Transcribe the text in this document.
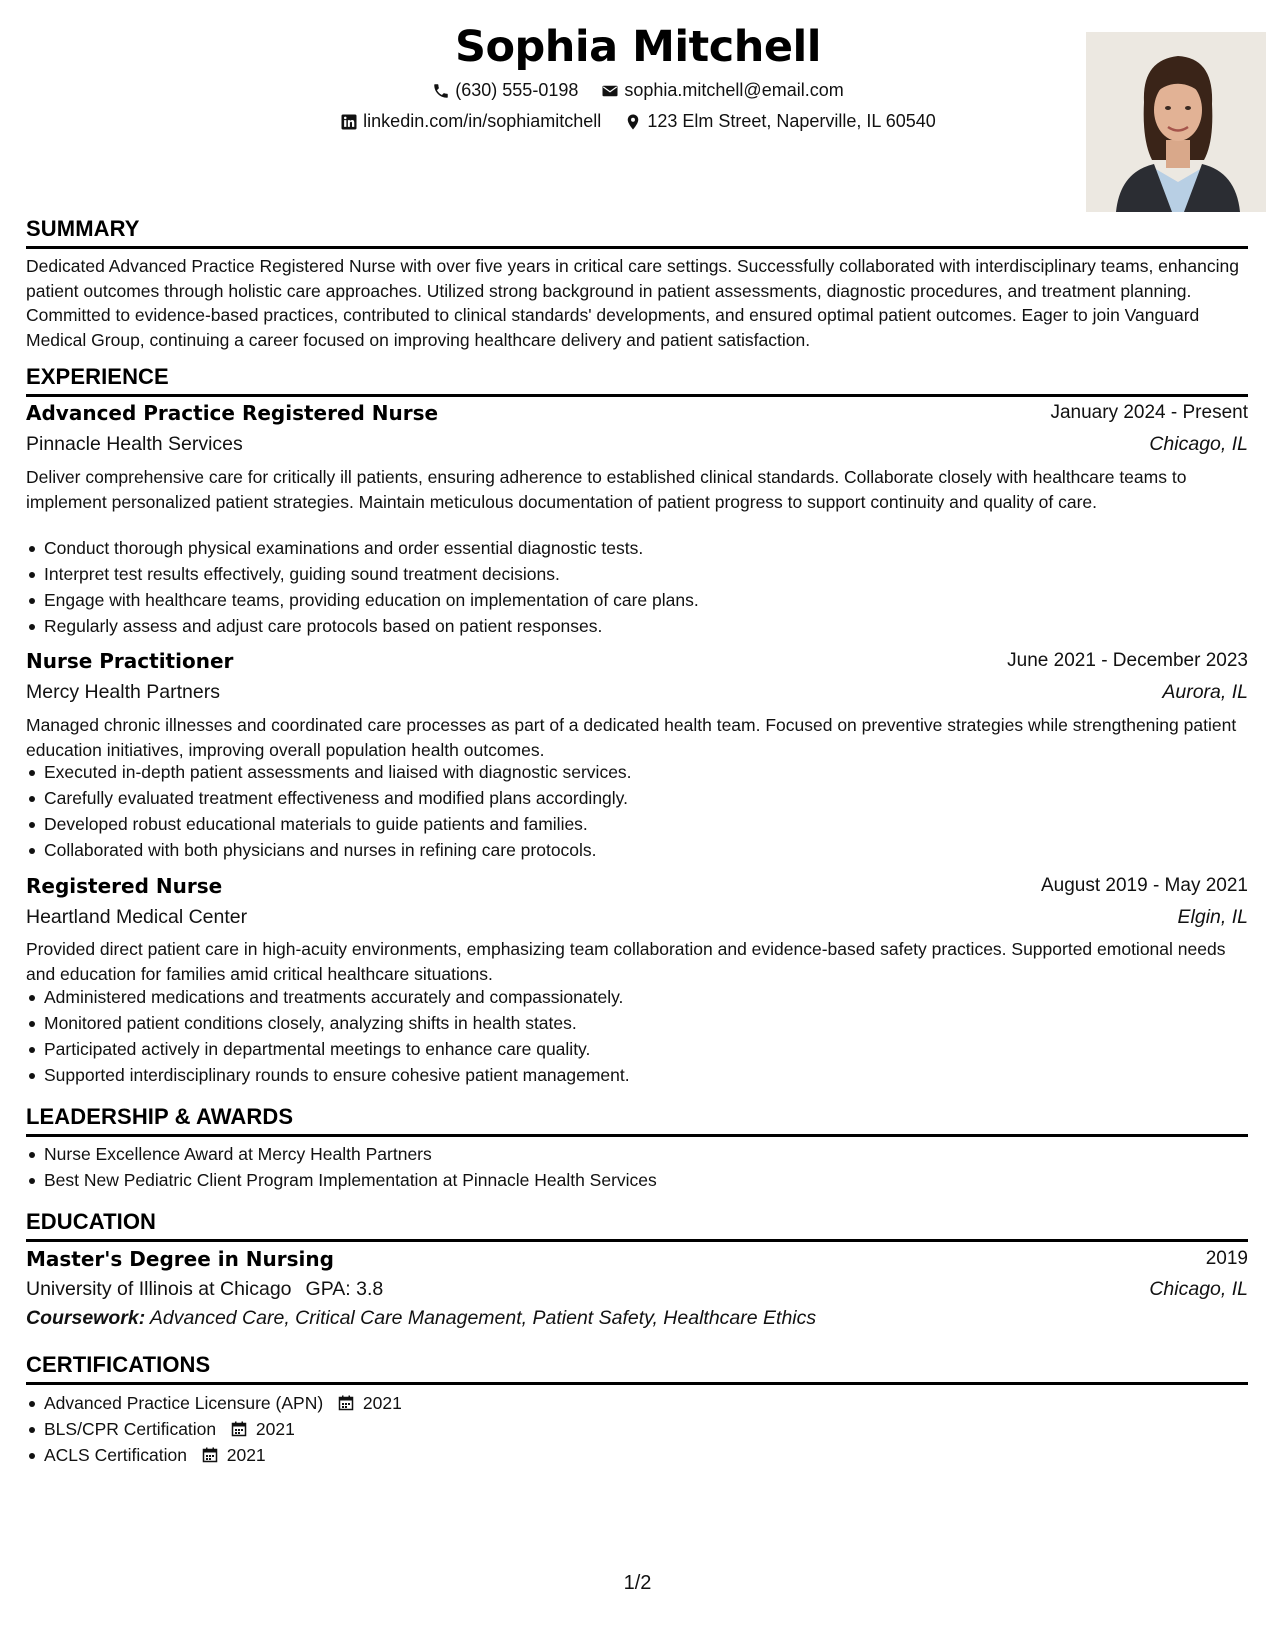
Sophia Mitchell
(630) 555-0198
	sophia.mitchell@email.com
linkedin.com/in/sophiamitchell
	123 Elm Street, Naperville, IL 60540
SUMMARY
Dedicated Advanced Practice Registered Nurse with over five years in critical care settings. Successfully collaborated with interdisciplinary teams, enhancing patient outcomes through holistic care approaches. Utilized strong background in patient assessments, diagnostic procedures, and treatment planning. Committed to evidence-based practices, contributed to clinical standards' developments, and ensured optimal patient outcomes. Eager to join Vanguard Medical Group, continuing a career focused on improving healthcare delivery and patient satisfaction.
EXPERIENCE
Advanced Practice Registered Nurse	January 2024 - Present
Pinnacle Health Services	Chicago, IL
Deliver comprehensive care for critically ill patients, ensuring adherence to established clinical standards. Collaborate closely with healthcare teams to implement personalized patient strategies. Maintain meticulous documentation of patient progress to support continuity and quality of care.
Conduct thorough physical examinations and order essential diagnostic tests.
Interpret test results effectively, guiding sound treatment decisions.
Engage with healthcare teams, providing education on implementation of care plans.
Regularly assess and adjust care protocols based on patient responses.
Nurse Practitioner	June 2021 - December 2023
Mercy Health Partners	Aurora, IL
Managed chronic illnesses and coordinated care processes as part of a dedicated health team. Focused on preventive strategies while strengthening patient education initiatives, improving overall population health outcomes.
Executed in-depth patient assessments and liaised with diagnostic services.
Carefully evaluated treatment effectiveness and modified plans accordingly.
Developed robust educational materials to guide patients and families.
Collaborated with both physicians and nurses in refining care protocols.
Registered Nurse	August 2019 - May 2021
Heartland Medical Center	Elgin, IL
Provided direct patient care in high-acuity environments, emphasizing team collaboration and evidence-based safety practices. Supported emotional needs and education for families amid critical healthcare situations.
Administered medications and treatments accurately and compassionately.
Monitored patient conditions closely, analyzing shifts in health states.
Participated actively in departmental meetings to enhance care quality.
Supported interdisciplinary rounds to ensure cohesive patient management.
LEADERSHIP & AWARDS
Nurse Excellence Award at Mercy Health Partners
Best New Pediatric Client Program Implementation at Pinnacle Health Services
EDUCATION
Master's Degree in Nursing	2019
University of Illinois at Chicago GPA: 3.8	Chicago, IL
Coursework: Advanced Care, Critical Care Management, Patient Safety, Healthcare Ethics
CERTIFICATIONS
Advanced Practice Licensure (APN) 2021
BLS/CPR Certification 2021
ACLS Certification 2021
1/2
